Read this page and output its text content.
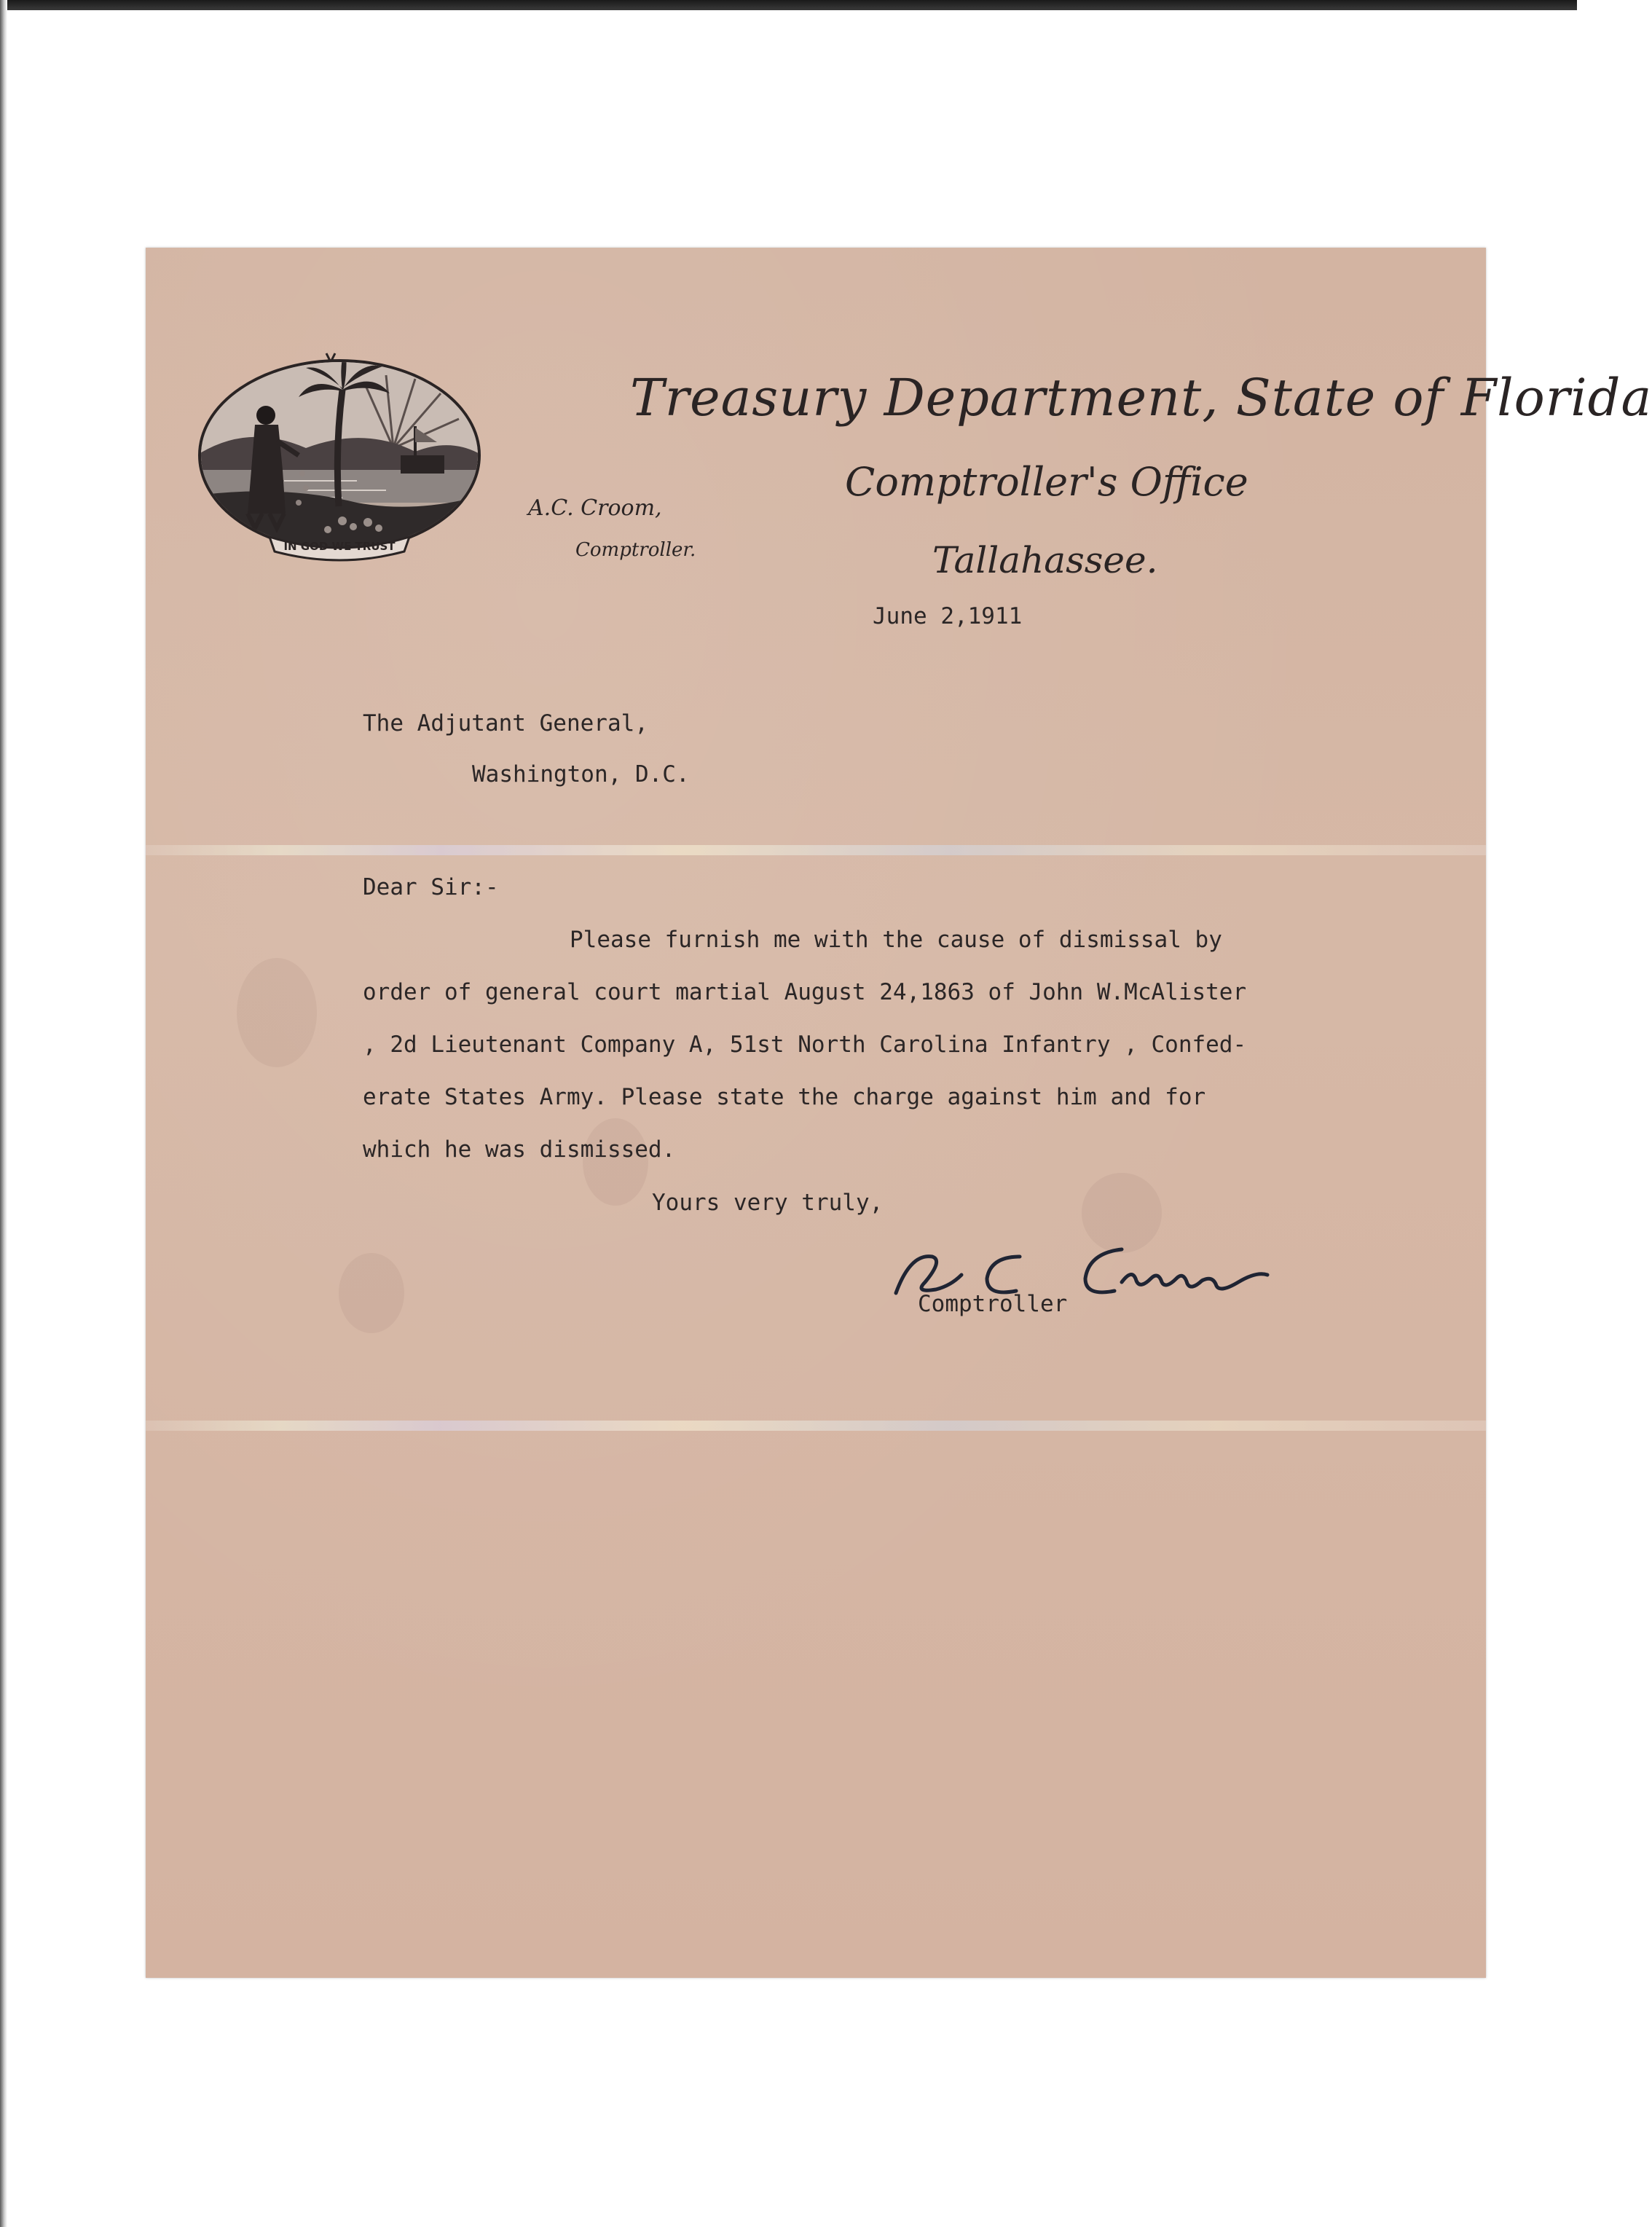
IN GOD WE TRUST
Treasury Department, State of Florida
Comptroller's Office
Tallahassee.
A.C. Croom,
Comptroller.
June 2,1911
The Adjutant General,
Washington, D.C.
Dear Sir:-
Please furnish me with the cause of dismissal by
order of general court martial August 24,1863 of John W.McAlister
, 2d Lieutenant Company A, 51st North Carolina Infantry , Confed-
erate States Army. Please state the charge against him and for
which he was dismissed.
Yours very truly,
Comptroller
